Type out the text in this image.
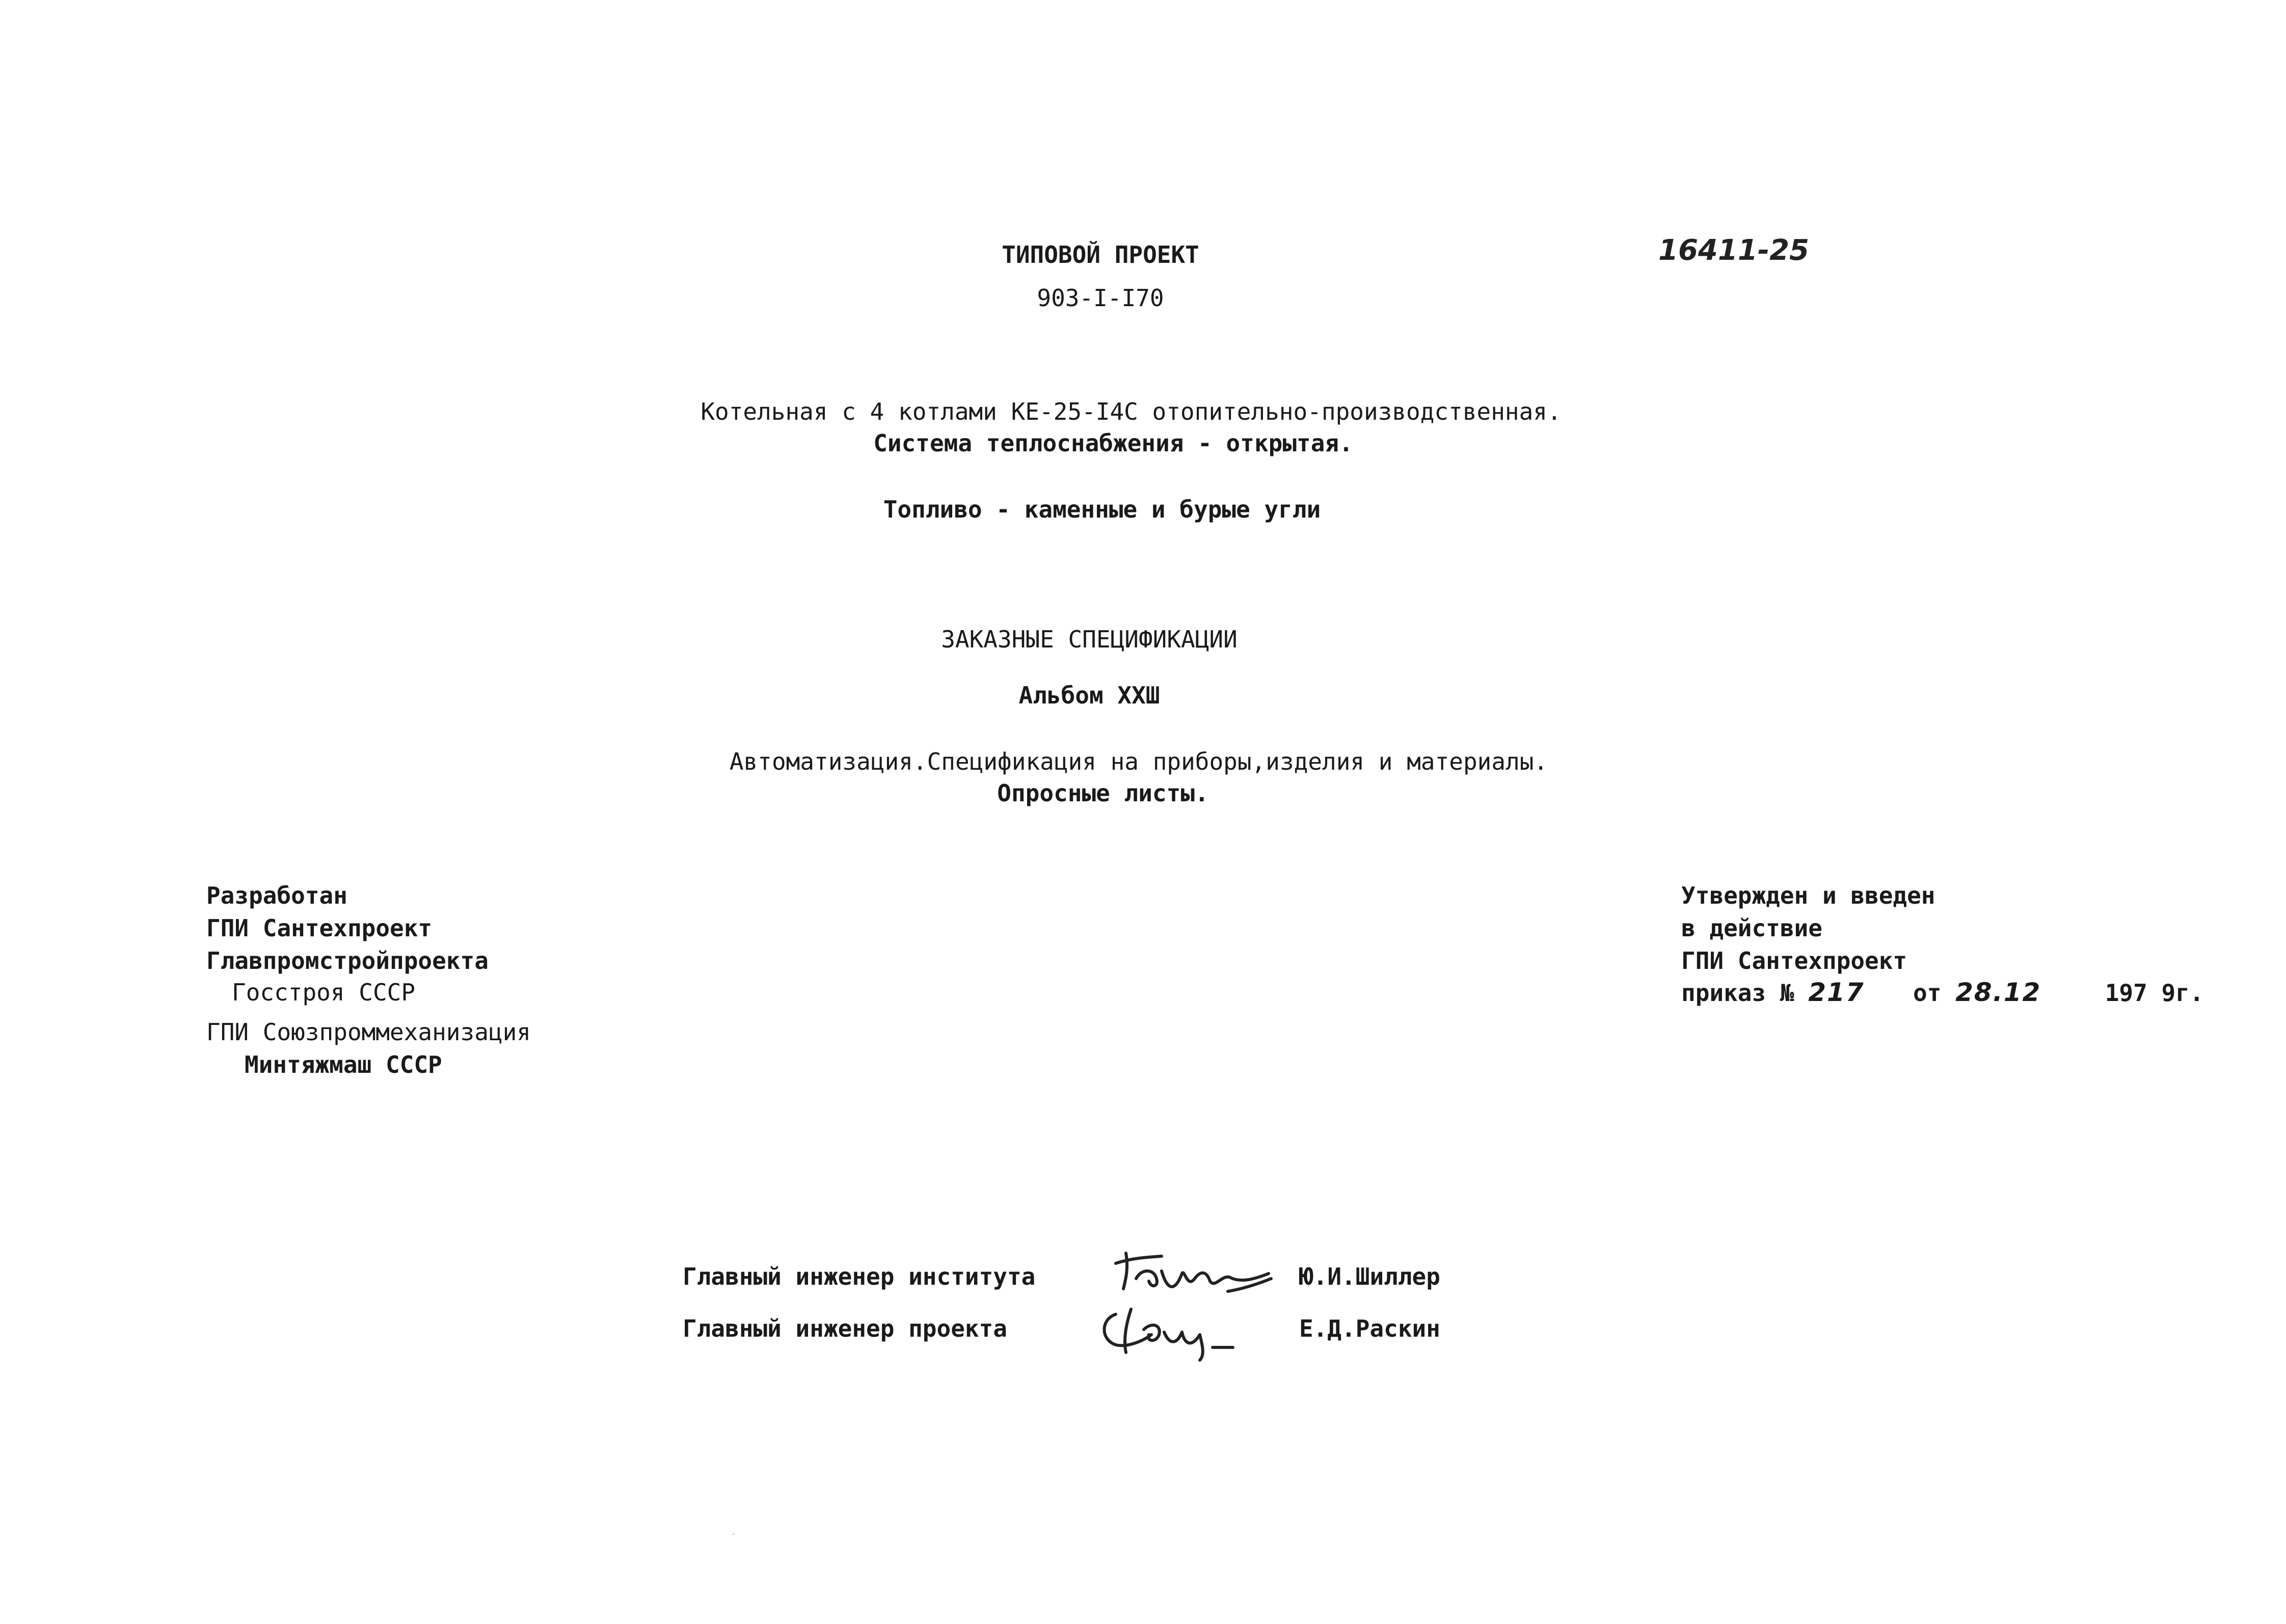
ТИПОВОЙ ПРОЕКТ
903-I-I70
16411-25
Котельная с 4 котлами КЕ-25-I4С отопительно-производственная.
Система теплоснабжения - открытая.
Топливо - каменные и бурые угли
ЗАКАЗНЫЕ СПЕЦИФИКАЦИИ
Альбом ХХШ
Автоматизация.Спецификация на приборы,изделия и материалы.
Опросные листы.
Разработан
ГПИ Сантехпроект
Главпромстройпроекта
Госстроя СССР
ГПИ Союзпроммеханизация
Минтяжмаш СССР
Утвержден и введен
в действие
ГПИ Сантехпроект
приказ № 217 от 28.12	197 9г.
Главный инженер института	Ю.И.Шиллер
Главный инженер проекта	Е.Д.Раскин
